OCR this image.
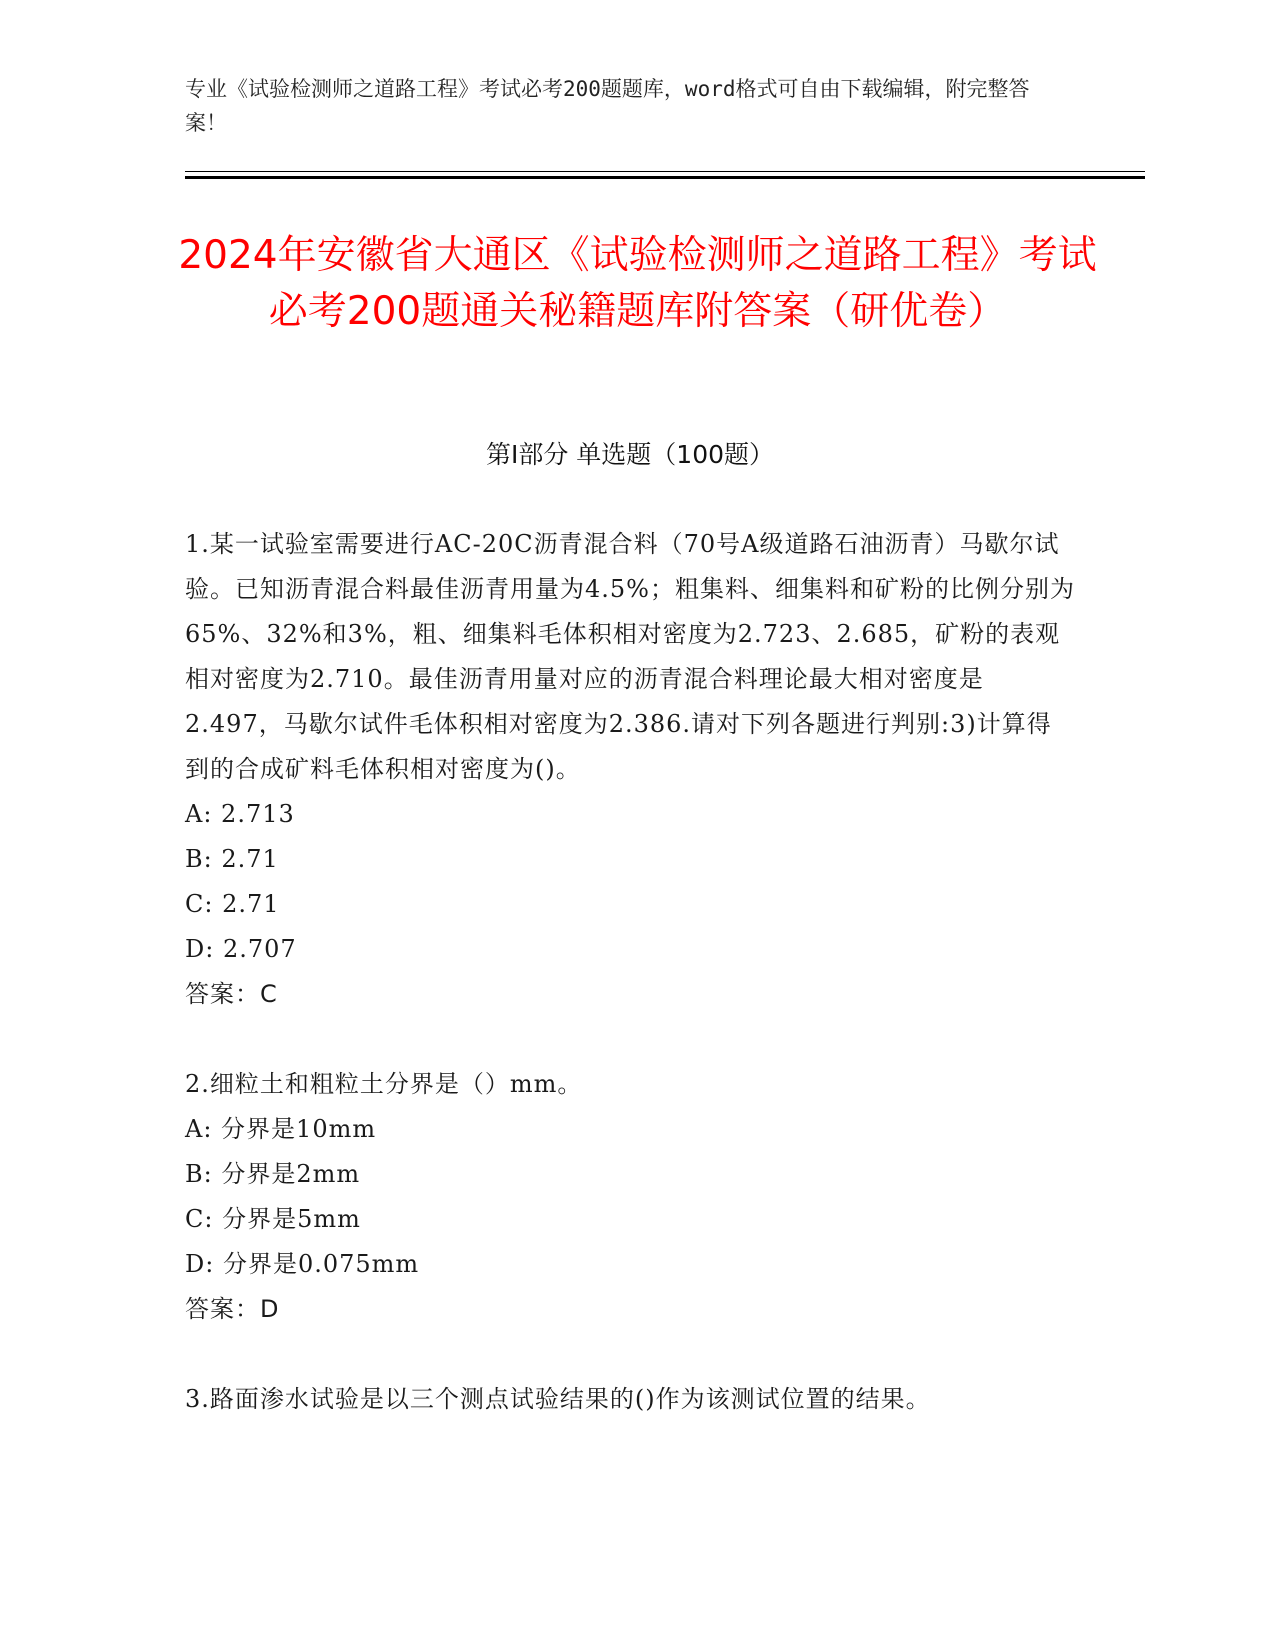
专业《试验检测师之道路工程》考试必考200题题库，word格式可自由下载编辑，附完整答案！
2024年安徽省大通区《试验检测师之道路工程》考试必考200题通关秘籍题库附答案（研优卷）
第Ⅰ部分 单选题（100题）

1.某一试验室需要进行AC-20C沥青混合料（70号A级道路石油沥青）马歇尔试验。已知沥青混合料最佳沥青用量为4.5%；粗集料、细集料和矿粉的比例分别为65%、32%和3%，粗、细集料毛体积相对密度为2.723、2.685，矿粉的表观相对密度为2.710。最佳沥青用量对应的沥青混合料理论最大相对密度是2.497，马歇尔试件毛体积相对密度为2.386.请对下列各题进行判别:3)计算得到的合成矿料毛体积相对密度为()。

A: 2.713

B: 2.71

C: 2.71

D: 2.707

答案：C

2.细粒土和粗粒土分界是（）mm。

A: 分界是10mm

B: 分界是2mm

C: 分界是5mm

D: 分界是0.075mm

答案：D

3.路面渗水试验是以三个测点试验结果的()作为该测试位置的结果。
